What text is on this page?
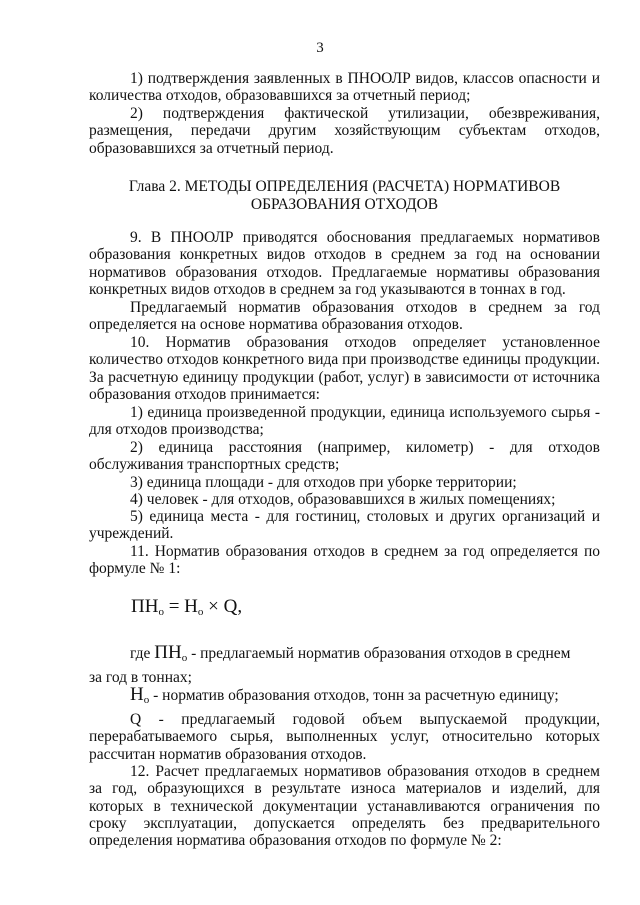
3
1) подтверждения заявленных в ПНООЛР видов, классов опасности и количества отходов, образовавшихся за отчетный период;
2) подтверждения фактической утилизации, обезвреживания, размещения, передачи другим хозяйствующим субъектам отходов, образовавшихся за отчетный период.
Глава 2. МЕТОДЫ ОПРЕДЕЛЕНИЯ (РАСЧЕТА) НОРМАТИВОВ
ОБРАЗОВАНИЯ ОТХОДОВ
9. В ПНООЛР приводятся обоснования предлагаемых нормативов образования конкретных видов отходов в среднем за год на основании нормативов образования отходов. Предлагаемые нормативы образования конкретных видов отходов в среднем за год указываются в тоннах в год.
Предлагаемый норматив образования отходов в среднем за год определяется на основе норматива образования отходов.
10. Норматив образования отходов определяет установленное количество отходов конкретного вида при производстве единицы продукции. За расчетную единицу продукции (работ, услуг) в зависимости от источника образования отходов принимается:
1) единица произведенной продукции, единица используемого сырья - для отходов производства;
2) единица расстояния (например, километр) - для отходов обслуживания транспортных средств;
3) единица площади - для отходов при уборке территории;
4) человек - для отходов, образовавшихся в жилых помещениях;
5) единица места - для гостиниц, столовых и других организаций и учреждений.
11. Норматив образования отходов в среднем за год определяется по формуле № 1:
$ПН_о = Н_о \times Q$,
где $ПН_о$ - предлагаемый норматив образования отходов в среднем
за год в тоннах;
$Н_о$ - норматив образования отходов, тонн за расчетную единицу;
Q - предлагаемый годовой объем выпускаемой продукции, перерабатываемого сырья, выполненных услуг, относительно которых рассчитан норматив образования отходов.
12. Расчет предлагаемых нормативов образования отходов в среднем за год, образующихся в результате износа материалов и изделий, для которых в технической документации устанавливаются ограничения по сроку эксплуатации, допускается определять без предварительного определения норматива образования отходов по формуле № 2:
